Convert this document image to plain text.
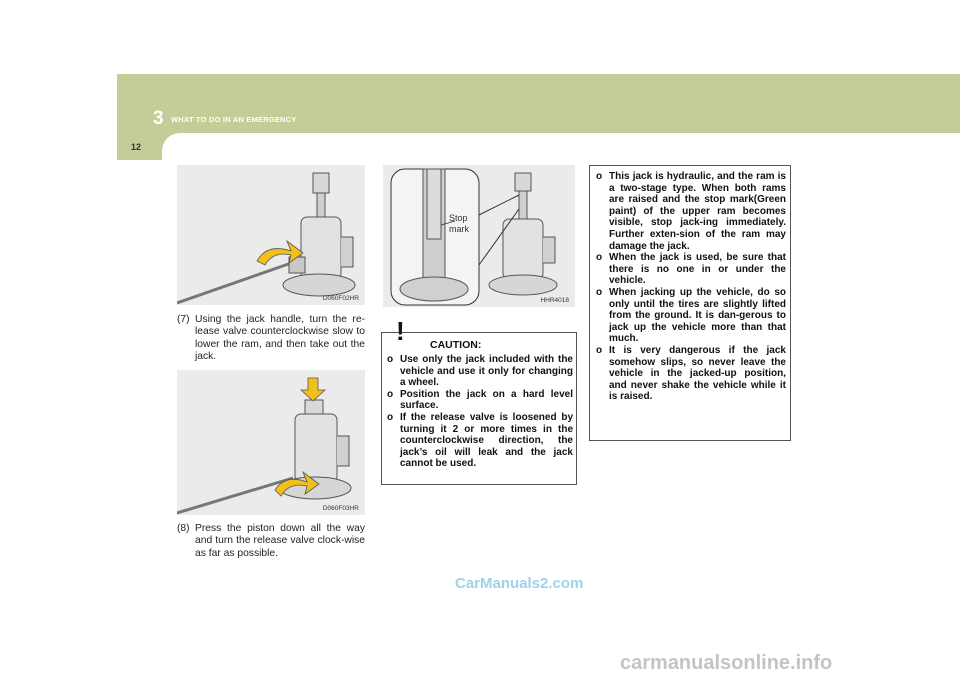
3 WHAT TO DO IN AN EMERGENCY
12
D060F02HR
(7) Using the jack handle, turn the re-lease valve counterclockwise slow to lower the ram, and then take out the jack.
D060F03HR
(8) Press the piston down all the way and turn the release valve clock-wise as far as possible.
HHR4018
Stop
mark
! CAUTION:
o Use only the jack included with the vehicle and use it only for changing a wheel.
o Position the jack on a hard level surface.
o If the release valve is loosened by turning it 2 or more times in the counterclockwise direction, the jack’s oil will leak and the jack cannot be used.
o This jack is hydraulic, and the ram is a two-stage type. When both rams are raised and the stop mark(Green paint) of the upper ram becomes visible, stop jack-ing immediately. Further exten-sion of the ram may damage the jack.
o When the jack is used, be sure that there is no one in or under the vehicle.
o When jacking up the vehicle, do so only until the tires are slightly lifted from the ground. It is dan-gerous to jack up the vehicle more than that much.
o It is very dangerous if the jack somehow slips, so never leave the vehicle in the jacked-up position, and never shake the vehicle while it is raised.
CarManuals2.com
carmanualsonline.info
